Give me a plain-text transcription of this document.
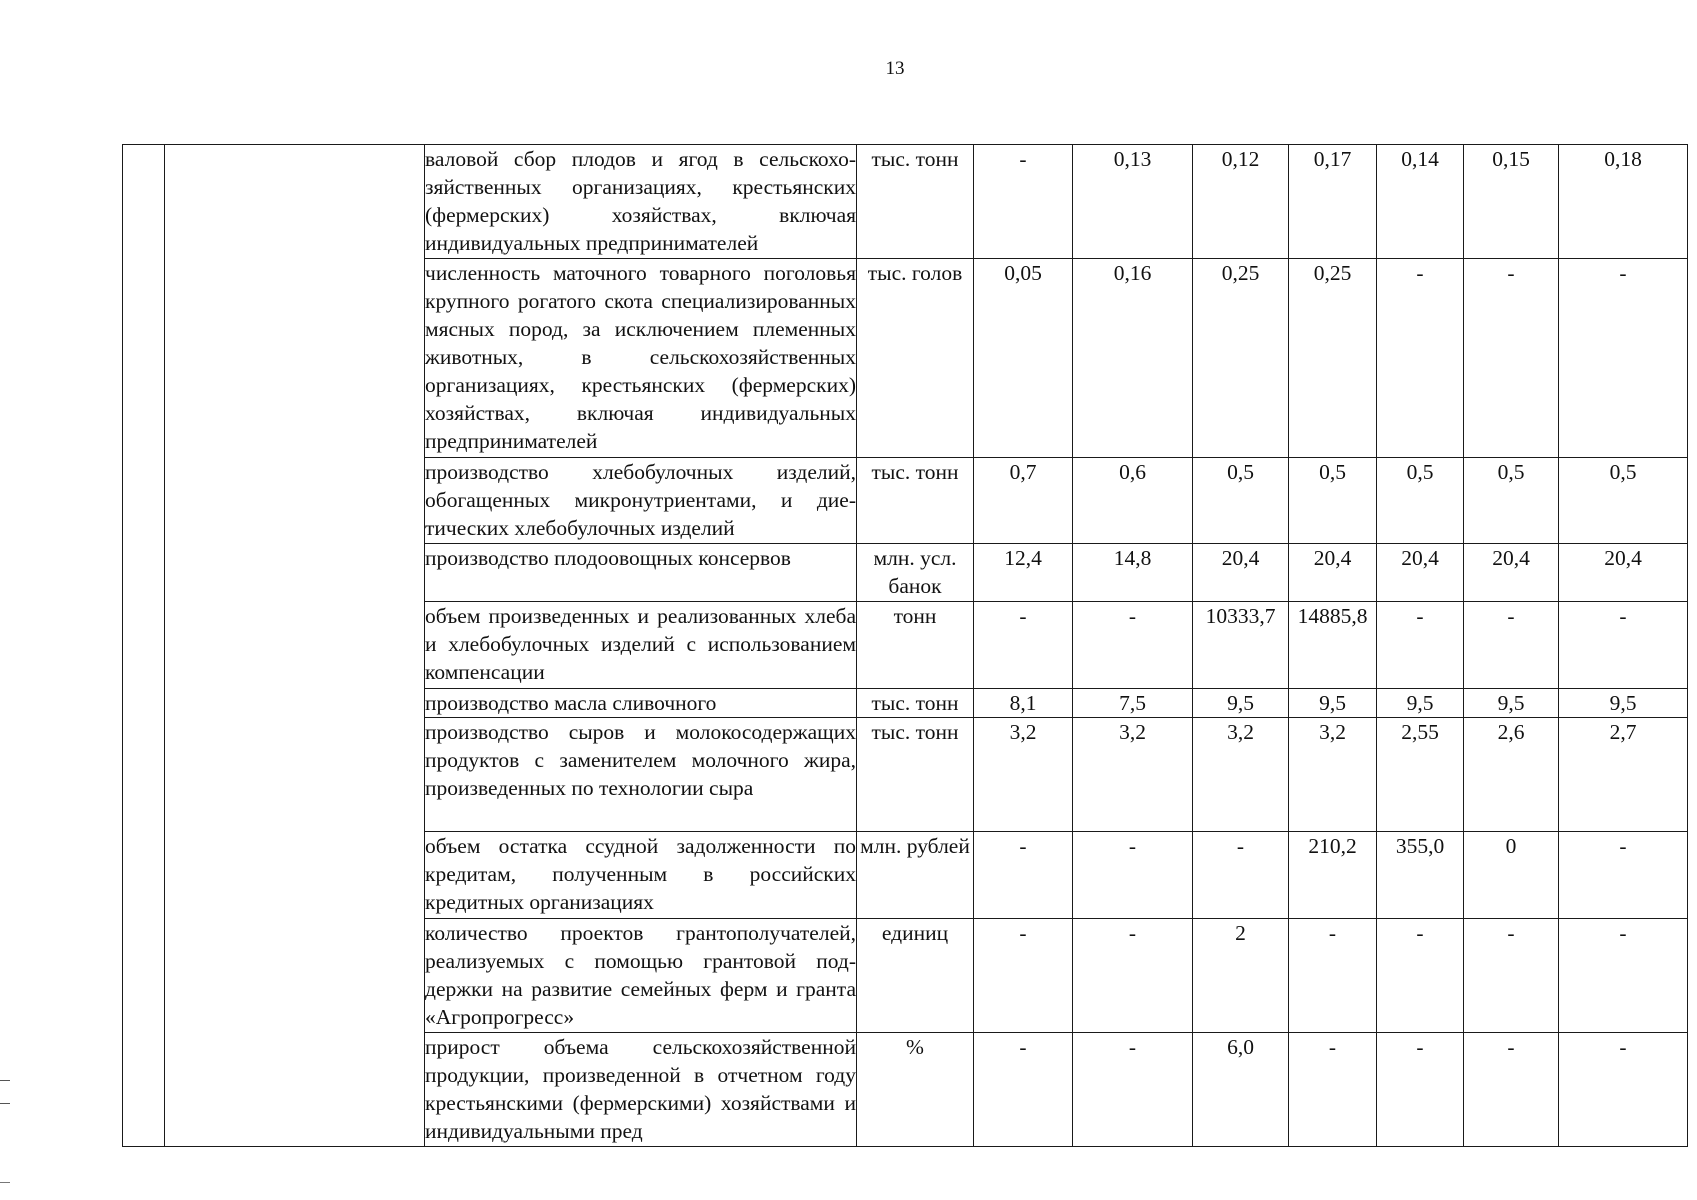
13
		валовой сбор плодов и ягод в сельскохозяйственных организациях, крестьянских (фермерских) хозяйствах, включая индивидуальных предпринимателей	тыс. тонн	-	0,13	0,12	0,17	0,14	0,15	0,18
		численность маточного товарного поголовья крупного рогатого скота специализированных мясных пород, за исключением племенных животных, в сельскохозяйственных организациях, крестьянских (фермерских) хозяйствах, включая индивидуальных предпринимателей	тыс. голов	0,05	0,16	0,25	0,25	-	-	-
		производство хлебобулочных изделий, обогащенных микронутриентами, и диетических хлебобулочных изделий	тыс. тонн	0,7	0,6	0,5	0,5	0,5	0,5	0,5
		производство плодоовощных консервов	млн. усл. банок	12,4	14,8	20,4	20,4	20,4	20,4	20,4
		объем произведенных и реализованных хлеба и хлебобулочных изделий с использованием компенсации	тонн	-	-	10333,7	14885,8	-	-	-
		производство масла сливочного	тыс. тонн	8,1	7,5	9,5	9,5	9,5	9,5	9,5
		производство сыров и молокосодержащих продуктов с заменителем молочного жира, произведенных по технологии сыра	тыс. тонн	3,2	3,2	3,2	3,2	2,55	2,6	2,7
		объем остатка ссудной задолженности по кредитам, полученным в российских кредитных организациях	млн. рублей	-	-	-	210,2	355,0	0	-
		количество проектов грантополучателей, реализуемых с помощью грантовой поддержки на развитие семейных ферм и гранта «Агропрогресс»	единиц	-	-	2	-	-	-	-
		прирост объема сельскохозяйственной продукции, произведенной в отчетном году крестьянскими (фермерскими) хозяйствами и индивидуальными пред	%	-	-	6,0	-	-	-	-
